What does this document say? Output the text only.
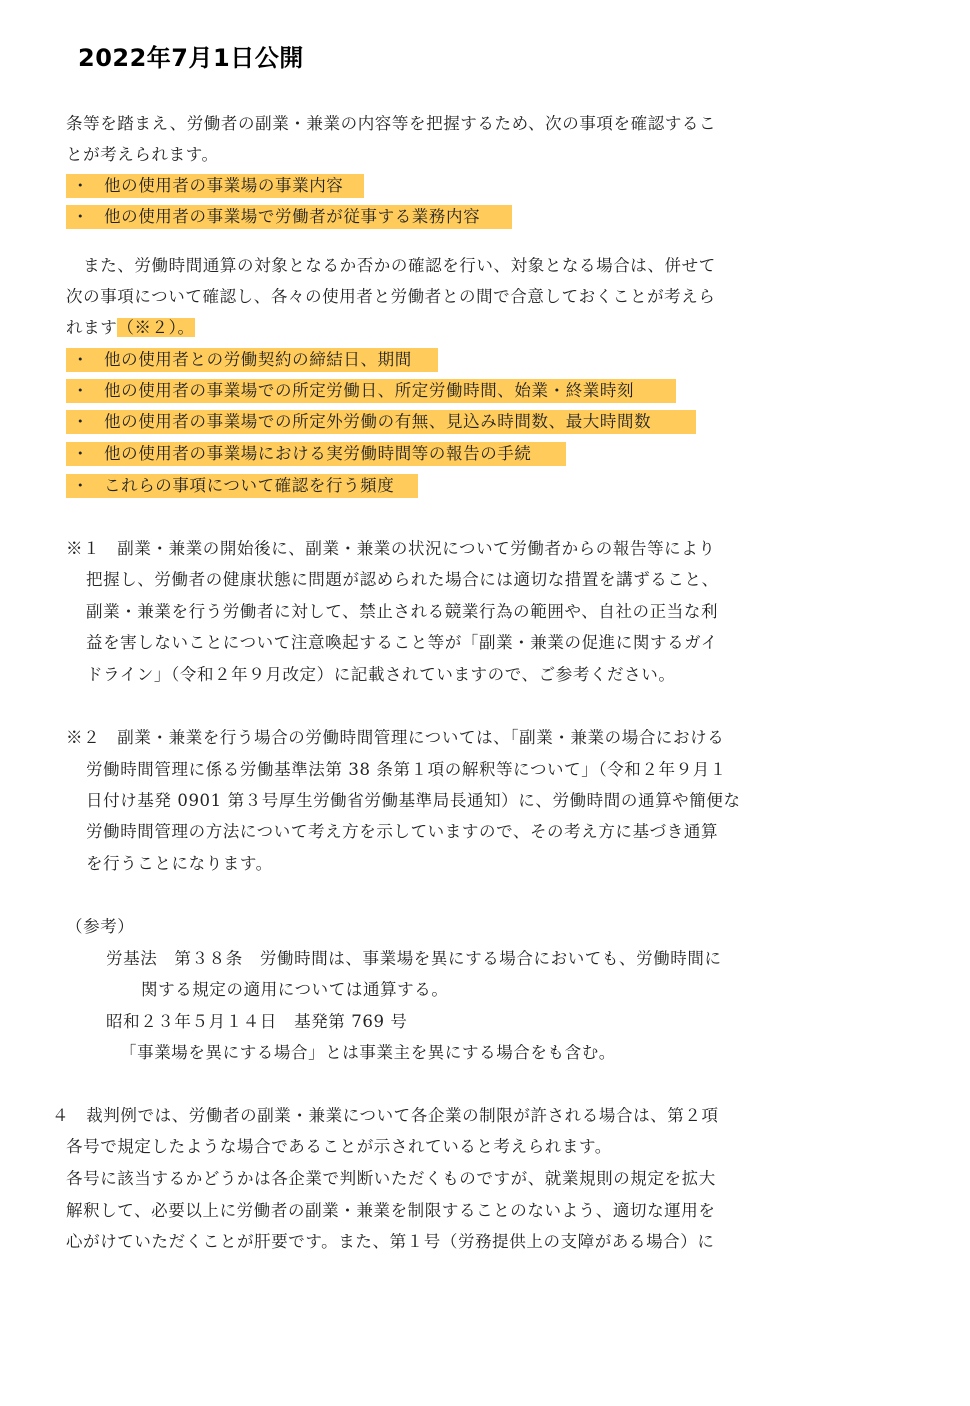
2022年7月1日公開
条等を踏まえ、労働者の副業・兼業の内容等を把握するため、次の事項を確認するこ
とが考えられます。
・ 他の使用者の事業場の事業内容
・ 他の使用者の事業場で労働者が従事する業務内容
　また、労働時間通算の対象となるか否かの確認を行い、対象となる場合は、併せて
次の事項について確認し、各々の使用者と労働者との間で合意しておくことが考えら
れます（※２）。
・ 他の使用者との労働契約の締結日、期間
・ 他の使用者の事業場での所定労働日、所定労働時間、始業・終業時刻
・ 他の使用者の事業場での所定外労働の有無、見込み時間数、最大時間数
・ 他の使用者の事業場における実労働時間等の報告の手続
・ これらの事項について確認を行う頻度
※１　副業・兼業の開始後に、副業・兼業の状況について労働者からの報告等により
把握し、労働者の健康状態に問題が認められた場合には適切な措置を講ずること、
副業・兼業を行う労働者に対して、禁止される競業行為の範囲や、自社の正当な利
益を害しないことについて注意喚起すること等が「副業・兼業の促進に関するガイ
ドライン」（令和２年９月改定）に記載されていますので、ご参考ください。
※２　副業・兼業を行う場合の労働時間管理については、「副業・兼業の場合における
労働時間管理に係る労働基準法第 38 条第１項の解釈等について」（令和２年９月１
日付け基発 0901 第３号厚生労働省労働基準局長通知）に、労働時間の通算や簡便な
労働時間管理の方法について考え方を示していますので、その考え方に基づき通算
を行うことになります。
（参考）
労基法　第３８条　労働時間は、事業場を異にする場合においても、労働時間に
関する規定の適用については通算する。
昭和２３年５月１４日　基発第 769 号
「事業場を異にする場合」とは事業主を異にする場合をも含む。
４　裁判例では、労働者の副業・兼業について各企業の制限が許される場合は、第２項
各号で規定したような場合であることが示されていると考えられます。
各号に該当するかどうかは各企業で判断いただくものですが、就業規則の規定を拡大
解釈して、必要以上に労働者の副業・兼業を制限することのないよう、適切な運用を
心がけていただくことが肝要です。また、第１号（労務提供上の支障がある場合）に
